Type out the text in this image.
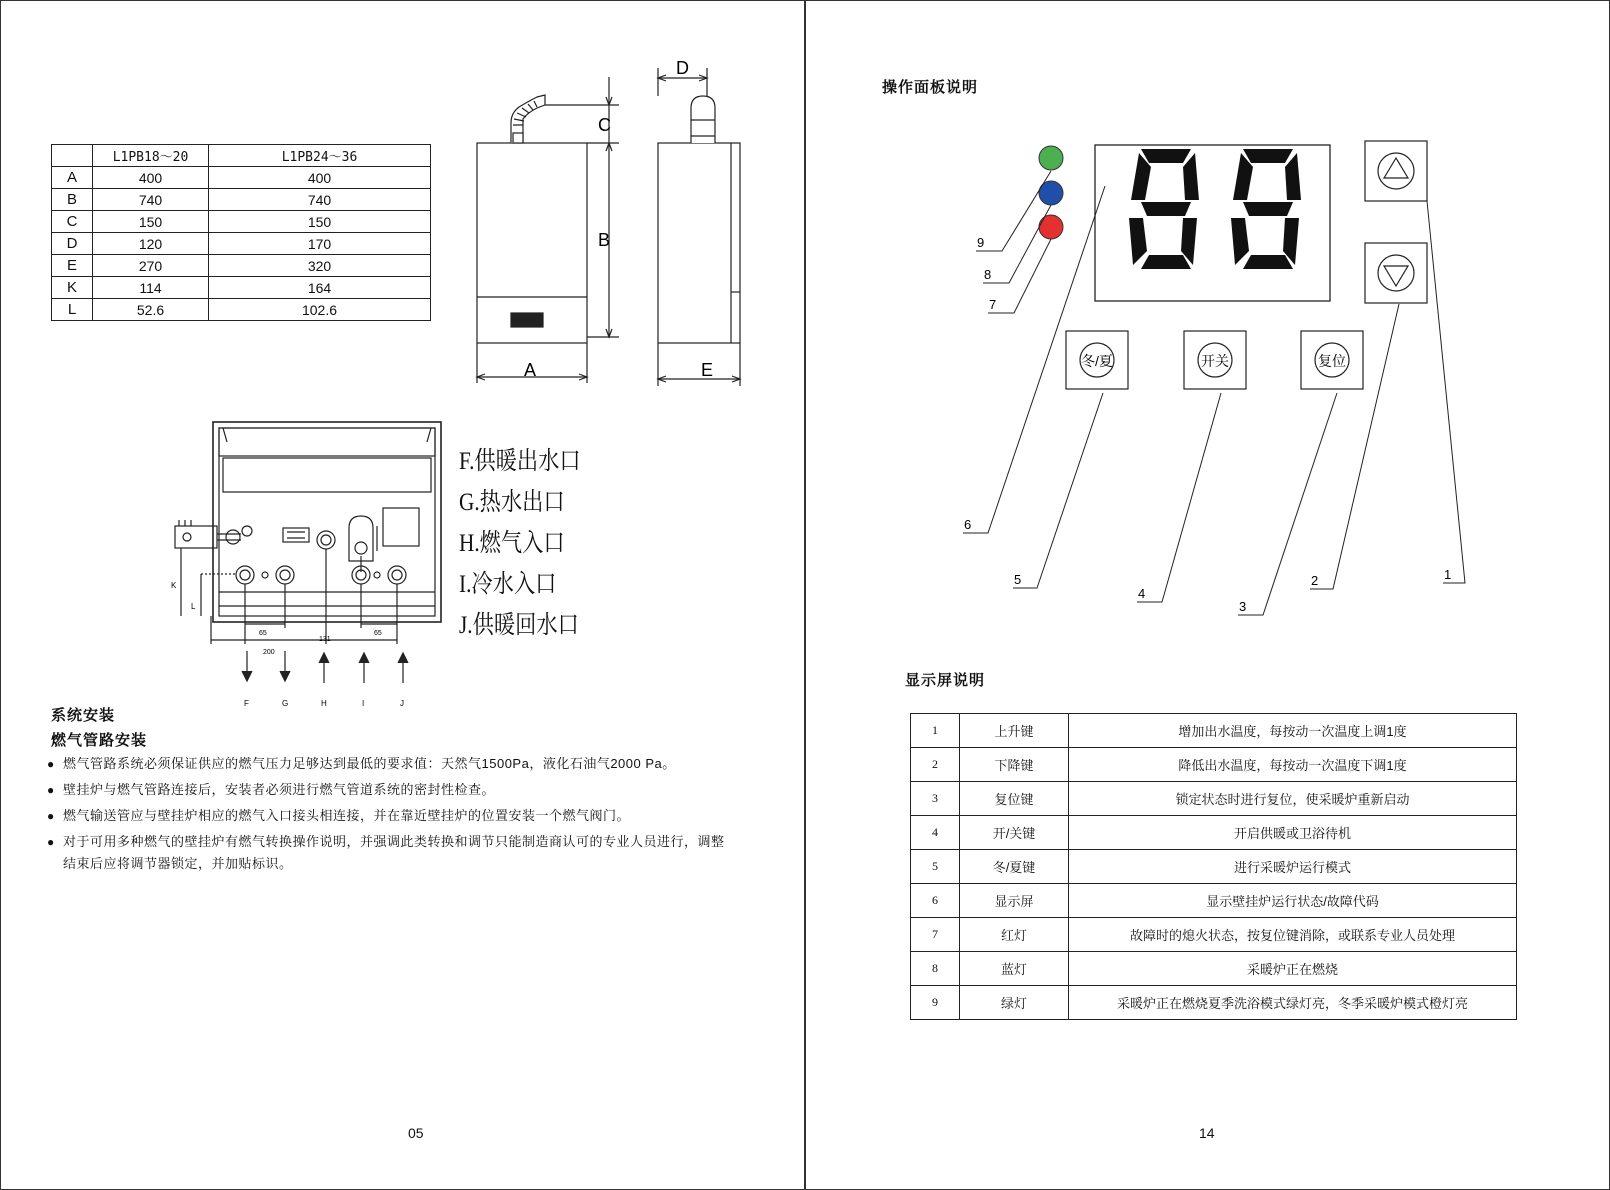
	L1PB18～20	L1PB24～36
A	400	400
B	740	740
C	150	150
D	120	170
E	270	320
K	114	164
L	52.6	102.6
C
B
A
D
E
K
L
65
131
65
200
F	G	H	I	J
F.供暖出水口
G.热水出口
H.燃气入口
I.冷水入口
J.供暖回水口
系统安装
燃气管路安装

● 燃气管路系统必须保证供应的燃气压力足够达到最低的要求值：天然气1500Pa，液化石油气2000 Pa。

● 壁挂炉与燃气管路连接后，安装者必须进行燃气管道系统的密封性检查。

● 燃气输送管应与壁挂炉相应的燃气入口接头相连接，并在靠近壁挂炉的位置安装一个燃气阀门。

● 对于可用多种燃气的壁挂炉有燃气转换操作说明，并强调此类转换和调节只能制造商认可的专业人员进行，调整结束后应将调节器锁定，并加贴标识。

05
操作面板说明
冬/夏	开关	复位
9
8
7
6
5
4
3
2	1
显示屏说明
14
1	上升键	增加出水温度，每按动一次温度上调1度
2	下降键	降低出水温度，每按动一次温度下调1度
3	复位键	锁定状态时进行复位，使采暖炉重新启动
4	开/关键	开启供暖或卫浴待机
5	冬/夏键	进行采暖炉运行模式
6	显示屏	显示壁挂炉运行状态/故障代码
7	红灯	故障时的熄火状态，按复位键消除，或联系专业人员处理
8	蓝灯	采暖炉正在燃烧
9	绿灯	采暖炉正在燃烧夏季洗浴模式绿灯亮，冬季采暖炉模式橙灯亮
